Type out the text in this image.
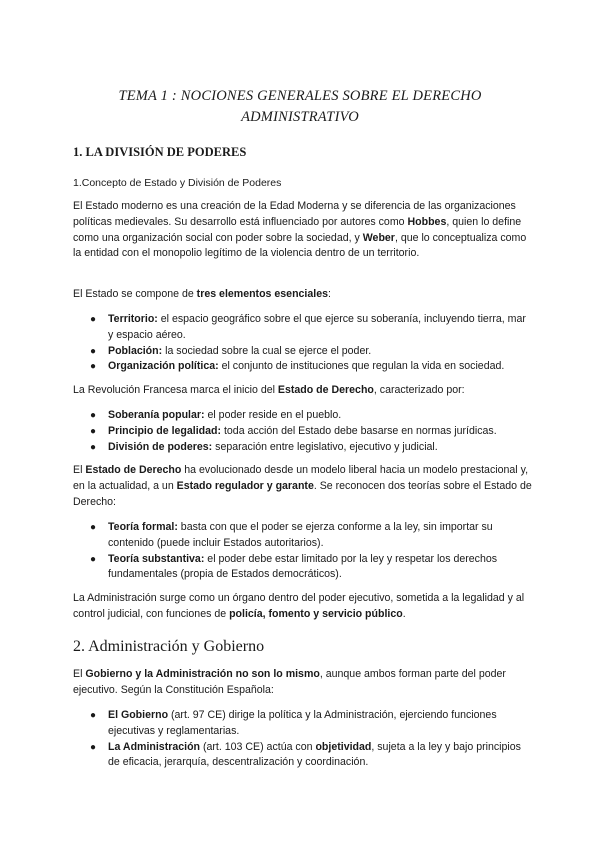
TEMA 1 : NOCIONES GENERALES SOBRE EL DERECHO
ADMINISTRATIVO
1. LA DIVISIÓN DE PODERES
1.Concepto de Estado y División de Poderes
El Estado moderno es una creación de la Edad Moderna y se diferencia de las organizaciones políticas medievales. Su desarrollo está influenciado por autores como Hobbes, quien lo define como una organización social con poder sobre la sociedad, y Weber, que lo conceptualiza como la entidad con el monopolio legítimo de la violencia dentro de un territorio.
El Estado se compone de tres elementos esenciales:
● Territorio: el espacio geográfico sobre el que ejerce su soberanía, incluyendo tierra, mar y espacio aéreo.
● Población: la sociedad sobre la cual se ejerce el poder.
● Organización política: el conjunto de instituciones que regulan la vida en sociedad.
La Revolución Francesa marca el inicio del Estado de Derecho, caracterizado por:
● Soberanía popular: el poder reside en el pueblo.
● Principio de legalidad: toda acción del Estado debe basarse en normas jurídicas.
● División de poderes: separación entre legislativo, ejecutivo y judicial.
El Estado de Derecho ha evolucionado desde un modelo liberal hacia un modelo prestacional y, en la actualidad, a un Estado regulador y garante. Se reconocen dos teorías sobre el Estado de Derecho:
● Teoría formal: basta con que el poder se ejerza conforme a la ley, sin importar su contenido (puede incluir Estados autoritarios).
● Teoría substantiva: el poder debe estar limitado por la ley y respetar los derechos fundamentales (propia de Estados democráticos).
La Administración surge como un órgano dentro del poder ejecutivo, sometida a la legalidad y al control judicial, con funciones de policía, fomento y servicio público.
2. Administración y Gobierno
El Gobierno y la Administración no son lo mismo, aunque ambos forman parte del poder ejecutivo. Según la Constitución Española:
● El Gobierno (art. 97 CE) dirige la política y la Administración, ejerciendo funciones ejecutivas y reglamentarias.
● La Administración (art. 103 CE) actúa con objetividad, sujeta a la ley y bajo principios de eficacia, jerarquía, descentralización y coordinación.
